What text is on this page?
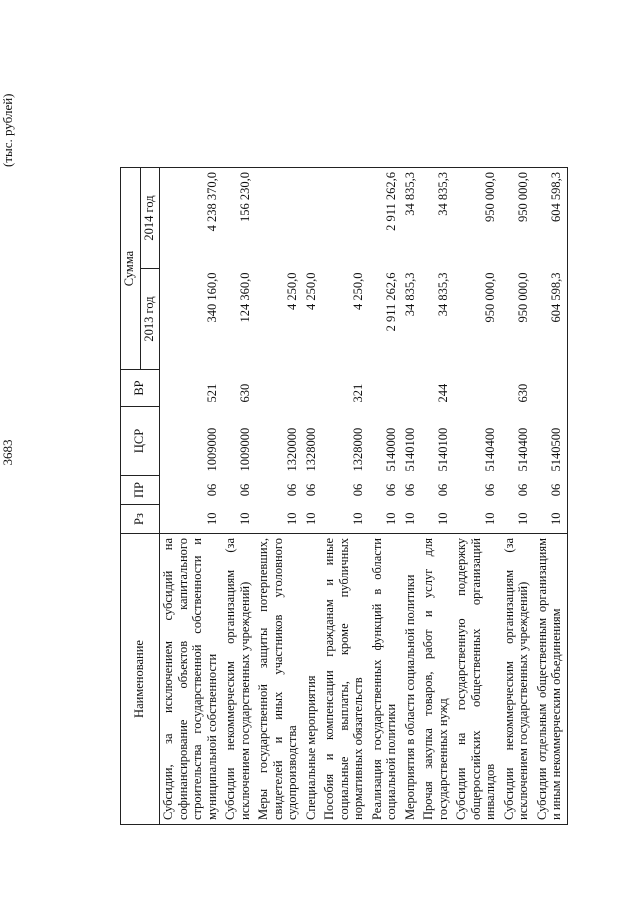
3683
(тыс. рублей)
Наименование	Рз	ПР	ЦСР	ВР	Сумма	
					2013 год	2014 год
Субсидии, за исключением субсидий на софинансирование объектов капитального строительства государственной собственности и муниципальной собственности	10	06	1009000	521	340 160,0	4 238 370,0
Субсидии некоммерческим организациям (за исключением государственных учреждений)	10	06	1009000	630	124 360,0	156 230,0
Меры государственной защиты потерпевших, свидетелей и иных участников уголовного судопроизводства	10	06	1320000		4 250,0	
Специальные мероприятия	10	06	1328000		4 250,0	
Пособия и компенсации гражданам и иные социальные выплаты, кроме публичных нормативных обязательств	10	06	1328000	321	4 250,0	
Реализация государственных функций в области социальной политики	10	06	5140000		2 911 262,6	2 911 262,6
Мероприятия в области социальной политики	10	06	5140100		34 835,3	34 835,3
Прочая закупка товаров, работ и услуг для государственных нужд	10	06	5140100	244	34 835,3	34 835,3
Субсидии на государственную поддержку общероссийских общественных организаций инвалидов	10	06	5140400		950 000,0	950 000,0
Субсидии некоммерческим организациям (за исключением государственных учреждений)	10	06	5140400	630	950 000,0	950 000,0
Субсидии отдельным общественным организациям и иным некоммерческим объединениям	10	06	5140500		604 598,3	604 598,3
